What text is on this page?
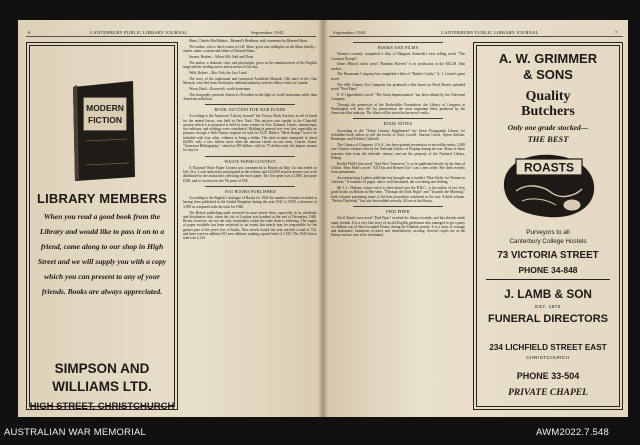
6	CANTERBURY PUBLIC LIBRARY JOURNAL	September 1942
MODERN
FICTION
LIBRARY MEMBERS
When you read a good book from the Library and would like to pass it on to a friend, come along to our shop in High Street and we will supply you with a copy which you can present to any of your friends. Books are always appreciated.
SIMPSON AND
WILLIAMS LTD.
HIGH STREET, CHRISTCHURCH

Shaw, Charles MacMahon—Bernard's Brethren; with comments by Bernard Shaw.

The author, who is third cousin to G.B. Shaw, gives rare sidelights on the Shaw family—uncles, aunts, cousins and father of Bernard Shaw.

Swann, Herbert—When All's Said and Done.

The author, a dramatic critic and playwright, gives us his reminiscences of the English stage and the leading actors and actresses of his day.

Wild, Robert—Mac Nab, the Last Laird.

The story of the unpleasant and tyrannical Archibald Macnab, 13th laird of the Clan Macnab, who fled from Scotland to demand authority over his fellow exiles in Canada.

Woon, Basil—Roosevelt, world statesman.

This biography presents America's President in the light of world statesman rather than American politician.

BOOK AUCTION FOR WAR FUNDS

According to the American "Library Journal" the Victory Book Auction, in aid of funds for the armed forces, was held in New York. This auction was similar to the Churchill auction which it is proposed to hold in some centres in New Zealand. Letters, manuscripts, first editions, and etchings were contributed. Bidding in general was very low, especially on pictures, though a Walt Disney original cel sold for £125. Hitler's "Mein Kampf" had to be included with four other volumes to bring a dollar. The total receipts amounted to about £6,000, only a few dollars more than the amount raised on one item, Charles Evans' "American Bibliography," valued at 200 dollars, sold for 75 dollars only, the largest amount for any lot.

WASTE PAPER CONTEST

A National Waste Paper Contest was commenced in Britain on May 1st and ended on July 31st. Local authorities participated in the scheme and £23,000 in prize money was to be distributed to the authorities collecting the most paper. The first prize was £1,000, 2nd prize £500, and so on down to the 7th prize of £50.

1941 BOOKS PUBLISHED

According to the English Catalogue of Books for 1941 the number of books recorded as having been published in the United Kingdom during the year 1941 is 5,858, a decrease of 3,059 as compared with the total for 1940.

The British publishing trade received its most severe blow, especially in its wholesale and distributive side, when the city of London was bombed at the end of December, 1940. Books, however, are not the only commodity which the trade finds is suffering. The supply of paper available has been restricted to an extent that nearly may be responsible for the greater part of the year's loss of books. New novels issued last year reached a total of 722, and there were in addition 811 new editions, making a grand total of 1,533. The 1940 fiction total was 2,120.

September 1942	CANTERBURY PUBLIC LIBRARY JOURNAL	7
BOOKS AND FILMS

Warner's recently completed a film of Margaret Kennedy's best selling novel "The Constant Nymph."

James Hilton's latest novel "Random Harvest" is in production at the M.G.M. film studios.

The Paramount Company has completed a film of "Butler's Castle," A. J. Cronin's great novel.

The 20th Century Fox Company has produced a film based on Nevil Shute's splendid novel "Pied Piper."

E. P. Oppenheim's novel "The Great Impersonation" has been filmed by the Universal Company.

Through the generosity of the Rockefeller Foundation, the Library of Congress at Washington will now file for preservation the most important films produced by the American film industry. The films will be stored in fire-proof vaults.

BOOK NOTES

According to the "Times Literary Supplement" the Great Propaganda Library for forbidden book sellers to sell the books of Zola, Lowell, Sinclair Lewis, Upton Sinclair, Remarque, and Erskine Caldwell.

The Library of Congress, U.S.A., has been granted permission to microfilm nearly 2,000 rare Chinese volumes lent by the National Library of Peiping during the war. Many of these treasures date from the eleventh century, and are the property of the National Library, Peking.

Rachel Field's last novel "And Now Tomorrow" is to be published shortly by the firm of Collins. Miss Field's novel "All This and Heaven Too" was a best seller. She died recently from pneumonia.

An enterprising London publisher has brought out a booklet "Hair Styles for Women in Uniform." It contains 32 pages, and is well illustrated, the cost being one shilling.

Mr J. L. Hodson, whose voice is often heard over the B.B.C., is the author of two very good books on Britain in War-time, "Through the Dark Night" and "Towards the Morning," both volumes presenting some of the best journalism combined in the war. A third volume, "Before Daybreak," has also been added recently. All are at the library.

PIED PIPER

Nevil Shute's new novel "Pied Piper" reached the library recently, and has already made many friends. It is a very fine story of an old English gentleman who managed to get a party of children out of Nazi-occupied France during the Dunkirk period. It is a story of courage and endurance, humorous at times and tremendously exciting. Several copies are at the library and are sure to be in demand.

A. W. GRIMMER
& SONS
Quality
Butchers
Only one grade stocked—
THE BEST
ROASTS
Purveyors to all
Canterbury College Hostels
73 VICTORIA STREET
PHONE 34-848
J. LAMB & SON
EST. 1872
FUNERAL DIRECTORS
234 LICHFIELD STREET EAST
CHRISTCHURCH
PHONE 33-504
PRIVATE CHAPEL
AUSTRALIAN WAR MEMORIAL	AWM2022.7.548
